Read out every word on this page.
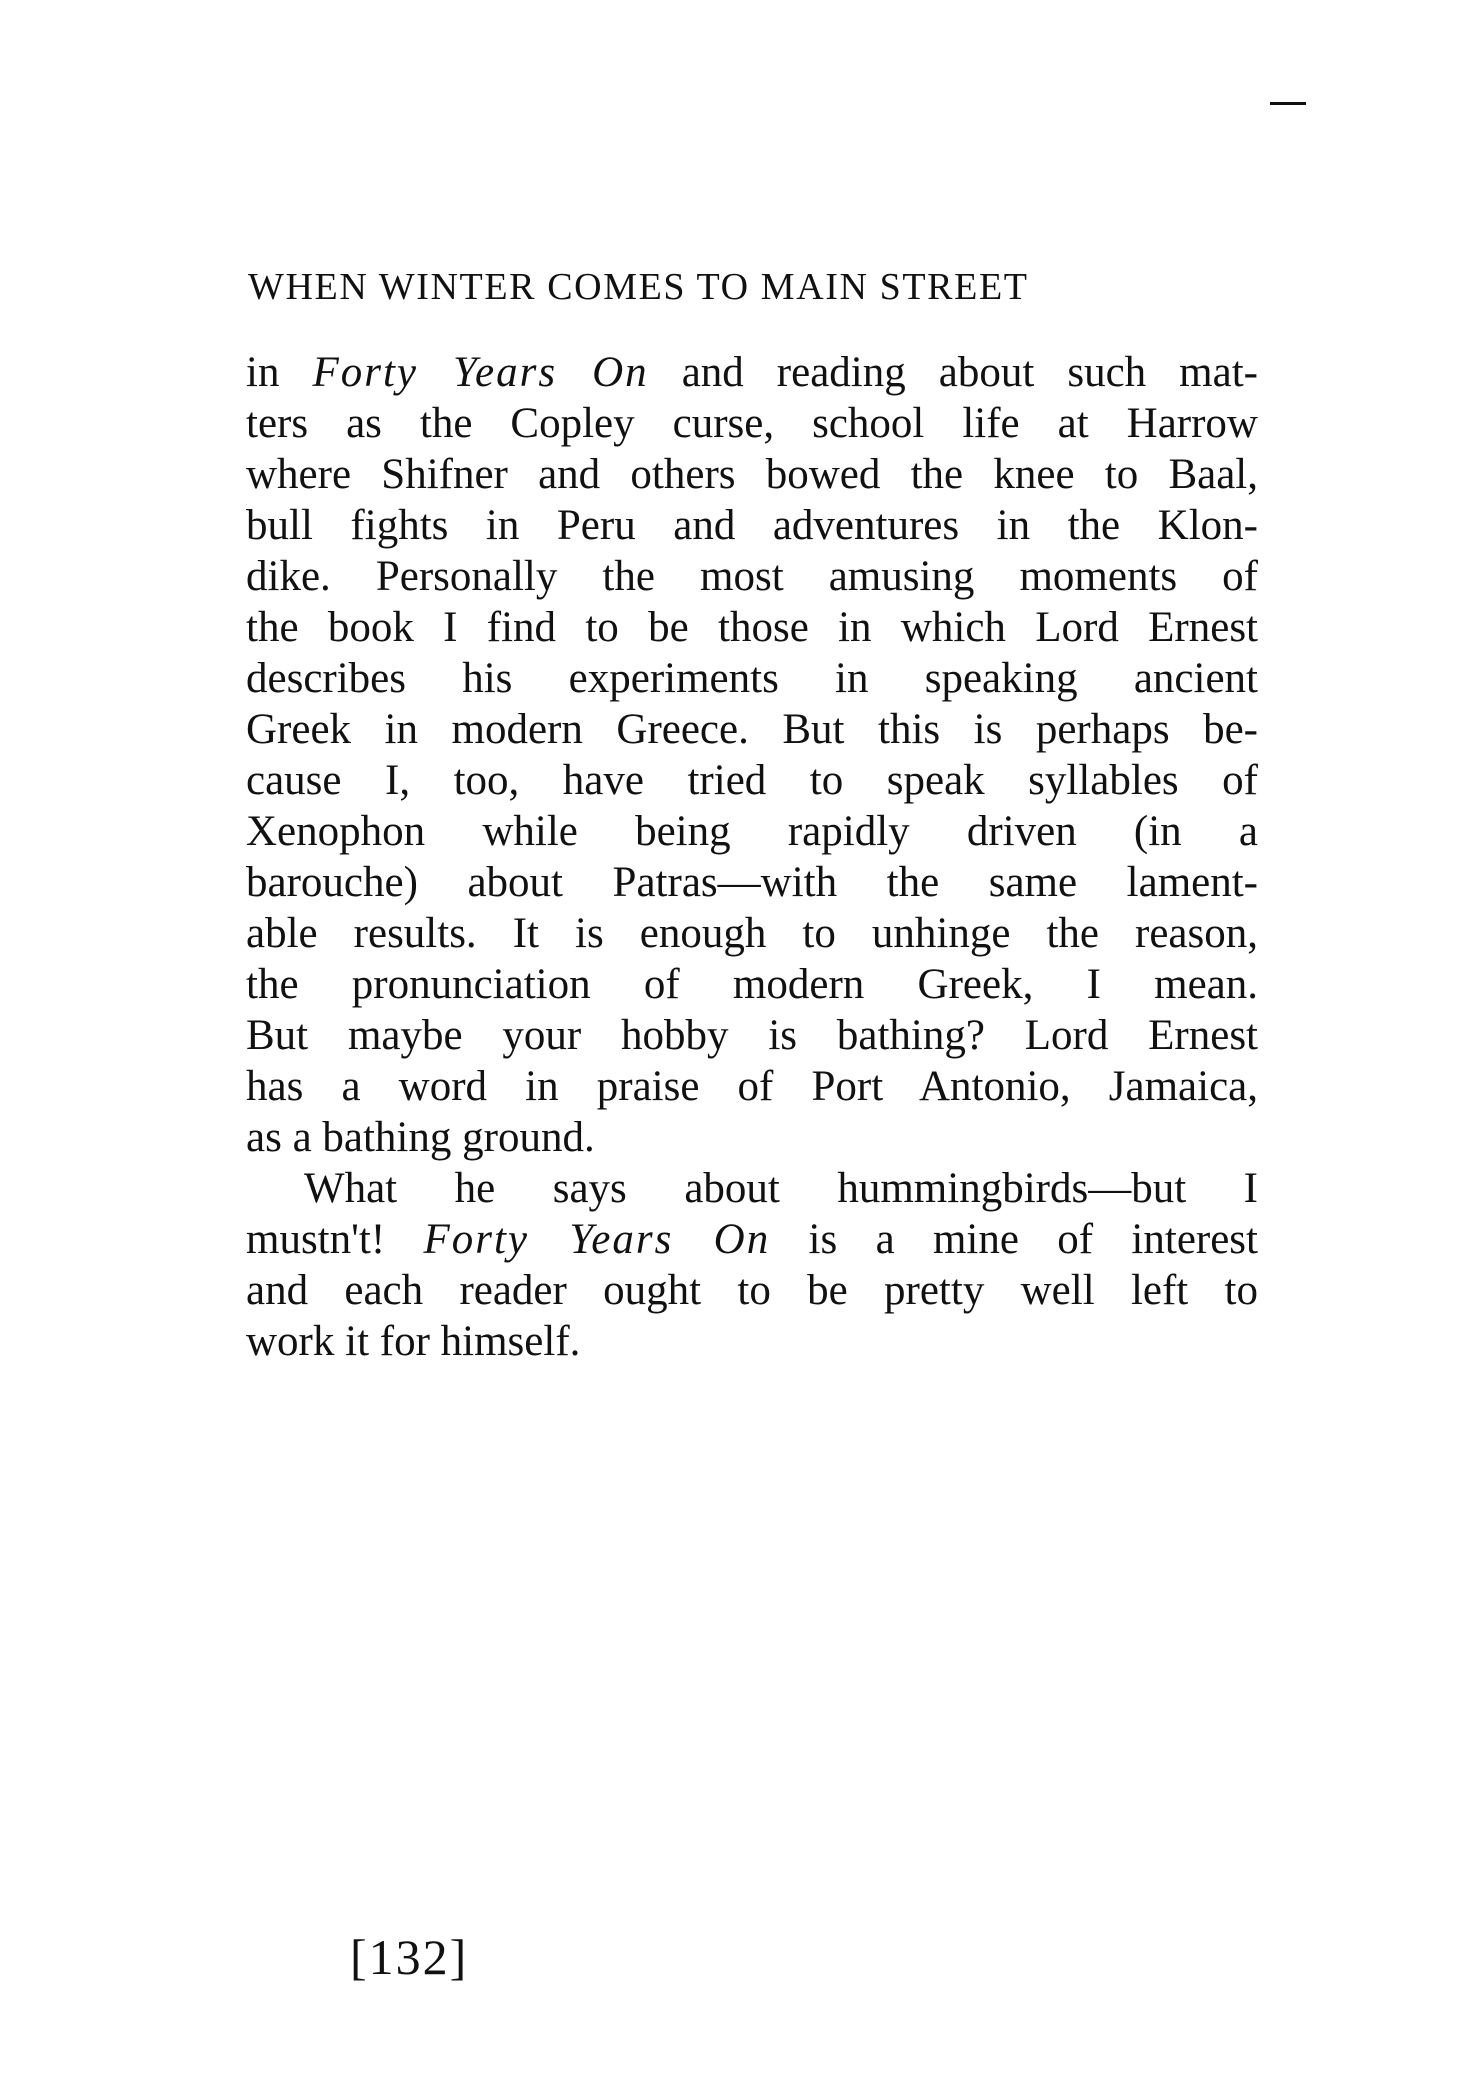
WHEN WINTER COMES TO MAIN STREET
in Forty Years On and reading about such mat-
ters as the Copley curse, school life at Harrow
where Shifner and others bowed the knee to Baal,
bull fights in Peru and adventures in the Klon-
dike. Personally the most amusing moments of
the book I find to be those in which Lord Ernest
describes his experiments in speaking ancient
Greek in modern Greece. But this is perhaps be-
cause I, too, have tried to speak syllables of
Xenophon while being rapidly driven (in a
barouche) about Patras—with the same lament-
able results. It is enough to unhinge the reason,
the pronunciation of modern Greek, I mean.
But maybe your hobby is bathing? Lord Ernest
has a word in praise of Port Antonio, Jamaica,
as a bathing ground.
What he says about hummingbirds—but I
mustn't! Forty Years On is a mine of interest
and each reader ought to be pretty well left to
work it for himself.
[132]
